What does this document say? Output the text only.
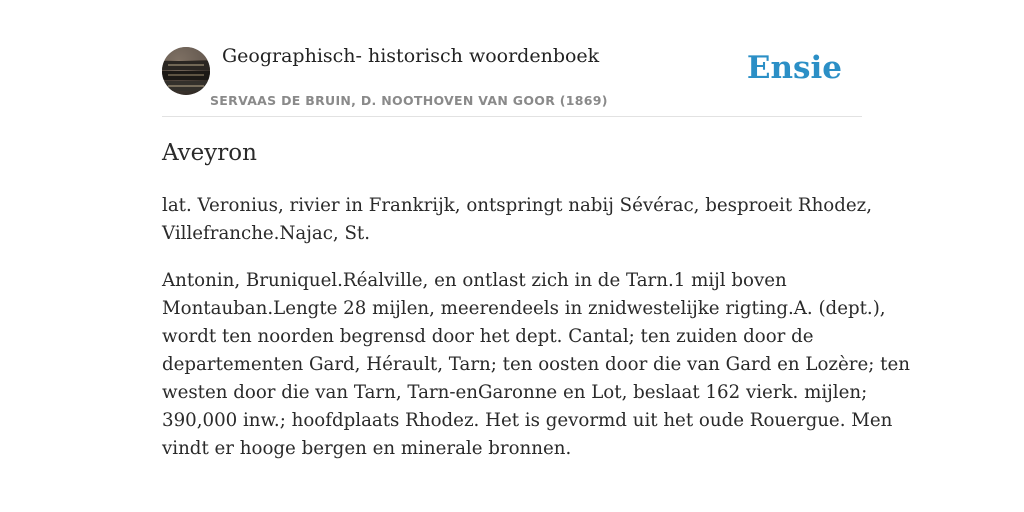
Geographisch- historisch woordenboek
SERVAAS DE BRUIN, D. NOOTHOVEN VAN GOOR (1869)
Ensie
Aveyron

lat. Veronius, rivier in Frankrijk, ontspringt nabij Sévérac, besproeit Rhodez,
Villefranche.Najac, St.

Antonin, Bruniquel.Réalville, en ontlast zich in de Tarn.1 mijl boven
Montauban.Lengte 28 mijlen, meerendeels in znidwestelijke rigting.A. (dept.),
wordt ten noorden begrensd door het dept. Cantal; ten zuiden door de
departementen Gard, Hérault, Tarn; ten oosten door die van Gard en Lozère; ten
westen door die van Tarn, Tarn-enGaronne en Lot, beslaat 162 vierk. mijlen;
390,000 inw.; hoofdplaats Rhodez. Het is gevormd uit het oude Rouergue. Men
vindt er hooge bergen en minerale bronnen.
